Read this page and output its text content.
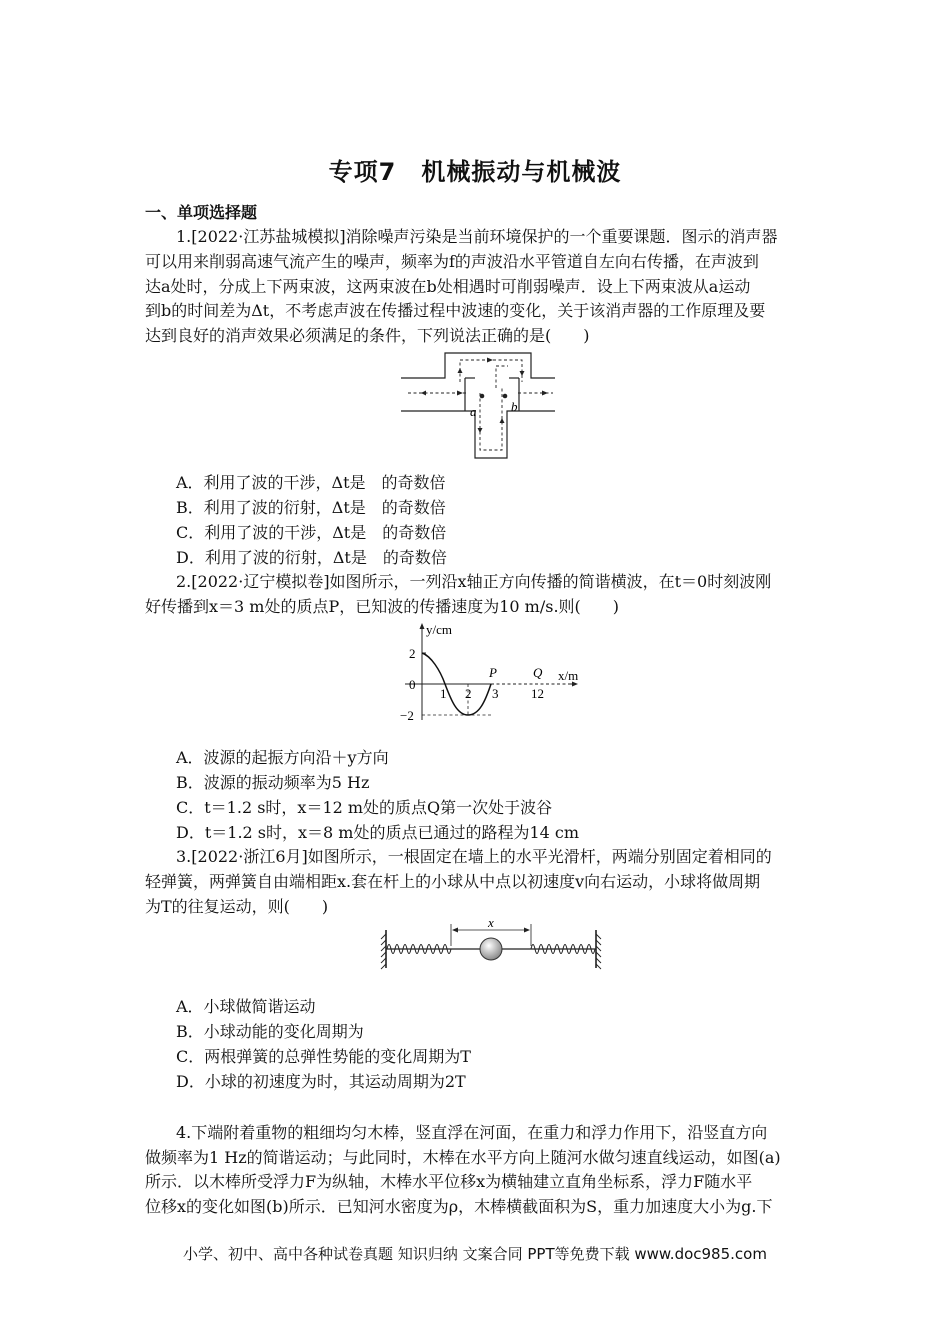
专项7　机械振动与机械波
一、单项选择题
1.[2022·江苏盐城模拟]消除噪声污染是当前环境保护的一个重要课题．图示的消声器
可以用来削弱高速气流产生的噪声，频率为f的声波沿水平管道自左向右传播，在声波到
达a处时，分成上下两束波，这两束波在b处相遇时可削弱噪声．设上下两束波从a运动
到b的时间差为Δt，不考虑声波在传播过程中波速的变化，关于该消声器的工作原理及要
达到良好的消声效果必须满足的条件，下列说法正确的是(　　)
a	b
A．利用了波的干涉，Δt是　的奇数倍
B．利用了波的衍射，Δt是　的奇数倍
C．利用了波的干涉，Δt是　的奇数倍
D．利用了波的衍射，Δt是　的奇数倍
2.[2022·辽宁模拟卷]如图所示，一列沿x轴正方向传播的简谐横波，在t＝0时刻波刚
好传播到x＝3 m处的质点P，已知波的传播速度为10 m/s.则(　　)
y/cm
x/m
2
0
−2
1 2 3	12
P	Q
A．波源的起振方向沿＋y方向
B．波源的振动频率为5 Hz
C．t＝1.2 s时，x＝12 m处的质点Q第一次处于波谷
D．t＝1.2 s时，x＝8 m处的质点已通过的路程为14 cm
3.[2022·浙江6月]如图所示，一根固定在墙上的水平光滑杆，两端分别固定着相同的
轻弹簧，两弹簧自由端相距x.套在杆上的小球从中点以初速度v向右运动，小球将做周期
为T的往复运动，则(　　)
x
A．小球做简谐运动
B．小球动能的变化周期为
C．两根弹簧的总弹性势能的变化周期为T
D．小球的初速度为时，其运动周期为2T
4.下端附着重物的粗细均匀木棒，竖直浮在河面，在重力和浮力作用下，沿竖直方向
做频率为1 Hz的简谐运动；与此同时，木棒在水平方向上随河水做匀速直线运动，如图(a)
所示．以木棒所受浮力F为纵轴，木棒水平位移x为横轴建立直角坐标系，浮力F随水平
位移x的变化如图(b)所示．已知河水密度为ρ，木棒横截面积为S，重力加速度大小为g.下
小学、初中、高中各种试卷真题 知识归纳 文案合同 PPT等免费下载 www.doc985.com
